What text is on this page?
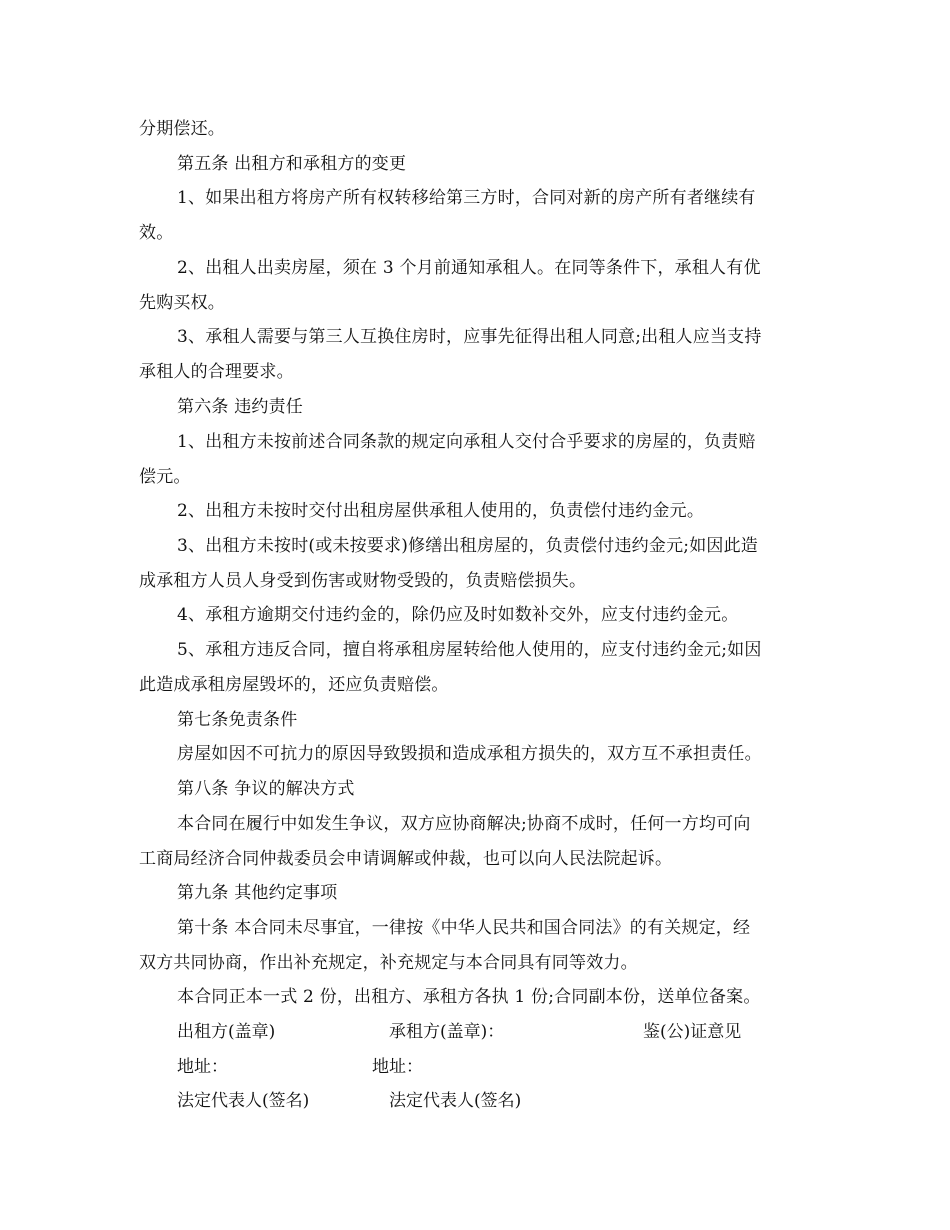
分期偿还。
第五条 出租方和承租方的变更
1、如果出租方将房产所有权转移给第三方时，合同对新的房产所有者继续有
效。
2、出租人出卖房屋，须在 3 个月前通知承租人。在同等条件下，承租人有优
先购买权。
3、承租人需要与第三人互换住房时，应事先征得出租人同意;出租人应当支持
承租人的合理要求。
第六条 违约责任
1、出租方未按前述合同条款的规定向承租人交付合乎要求的房屋的，负责赔
偿元。
2、出租方未按时交付出租房屋供承租人使用的，负责偿付违约金元。
3、出租方未按时(或未按要求)修缮出租房屋的，负责偿付违约金元;如因此造
成承租方人员人身受到伤害或财物受毁的，负责赔偿损失。
4、承租方逾期交付违约金的，除仍应及时如数补交外，应支付违约金元。
5、承租方违反合同，擅自将承租房屋转给他人使用的，应支付违约金元;如因
此造成承租房屋毁坏的，还应负责赔偿。
第七条免责条件
房屋如因不可抗力的原因导致毁损和造成承租方损失的，双方互不承担责任。
第八条 争议的解决方式
本合同在履行中如发生争议，双方应协商解决;协商不成时，任何一方均可向
工商局经济合同仲裁委员会申请调解或仲裁，也可以向人民法院起诉。
第九条 其他约定事项
第十条 本合同未尽事宜，一律按《中华人民共和国合同法》的有关规定，经
双方共同协商，作出补充规定，补充规定与本合同具有同等效力。
本合同正本一式 2 份，出租方、承租方各执 1 份;合同副本份，送单位备案。
出租方(盖章)	承租方(盖章)：	鉴(公)证意见
地址：	地址：
法定代表人(签名)	法定代表人(签名)
